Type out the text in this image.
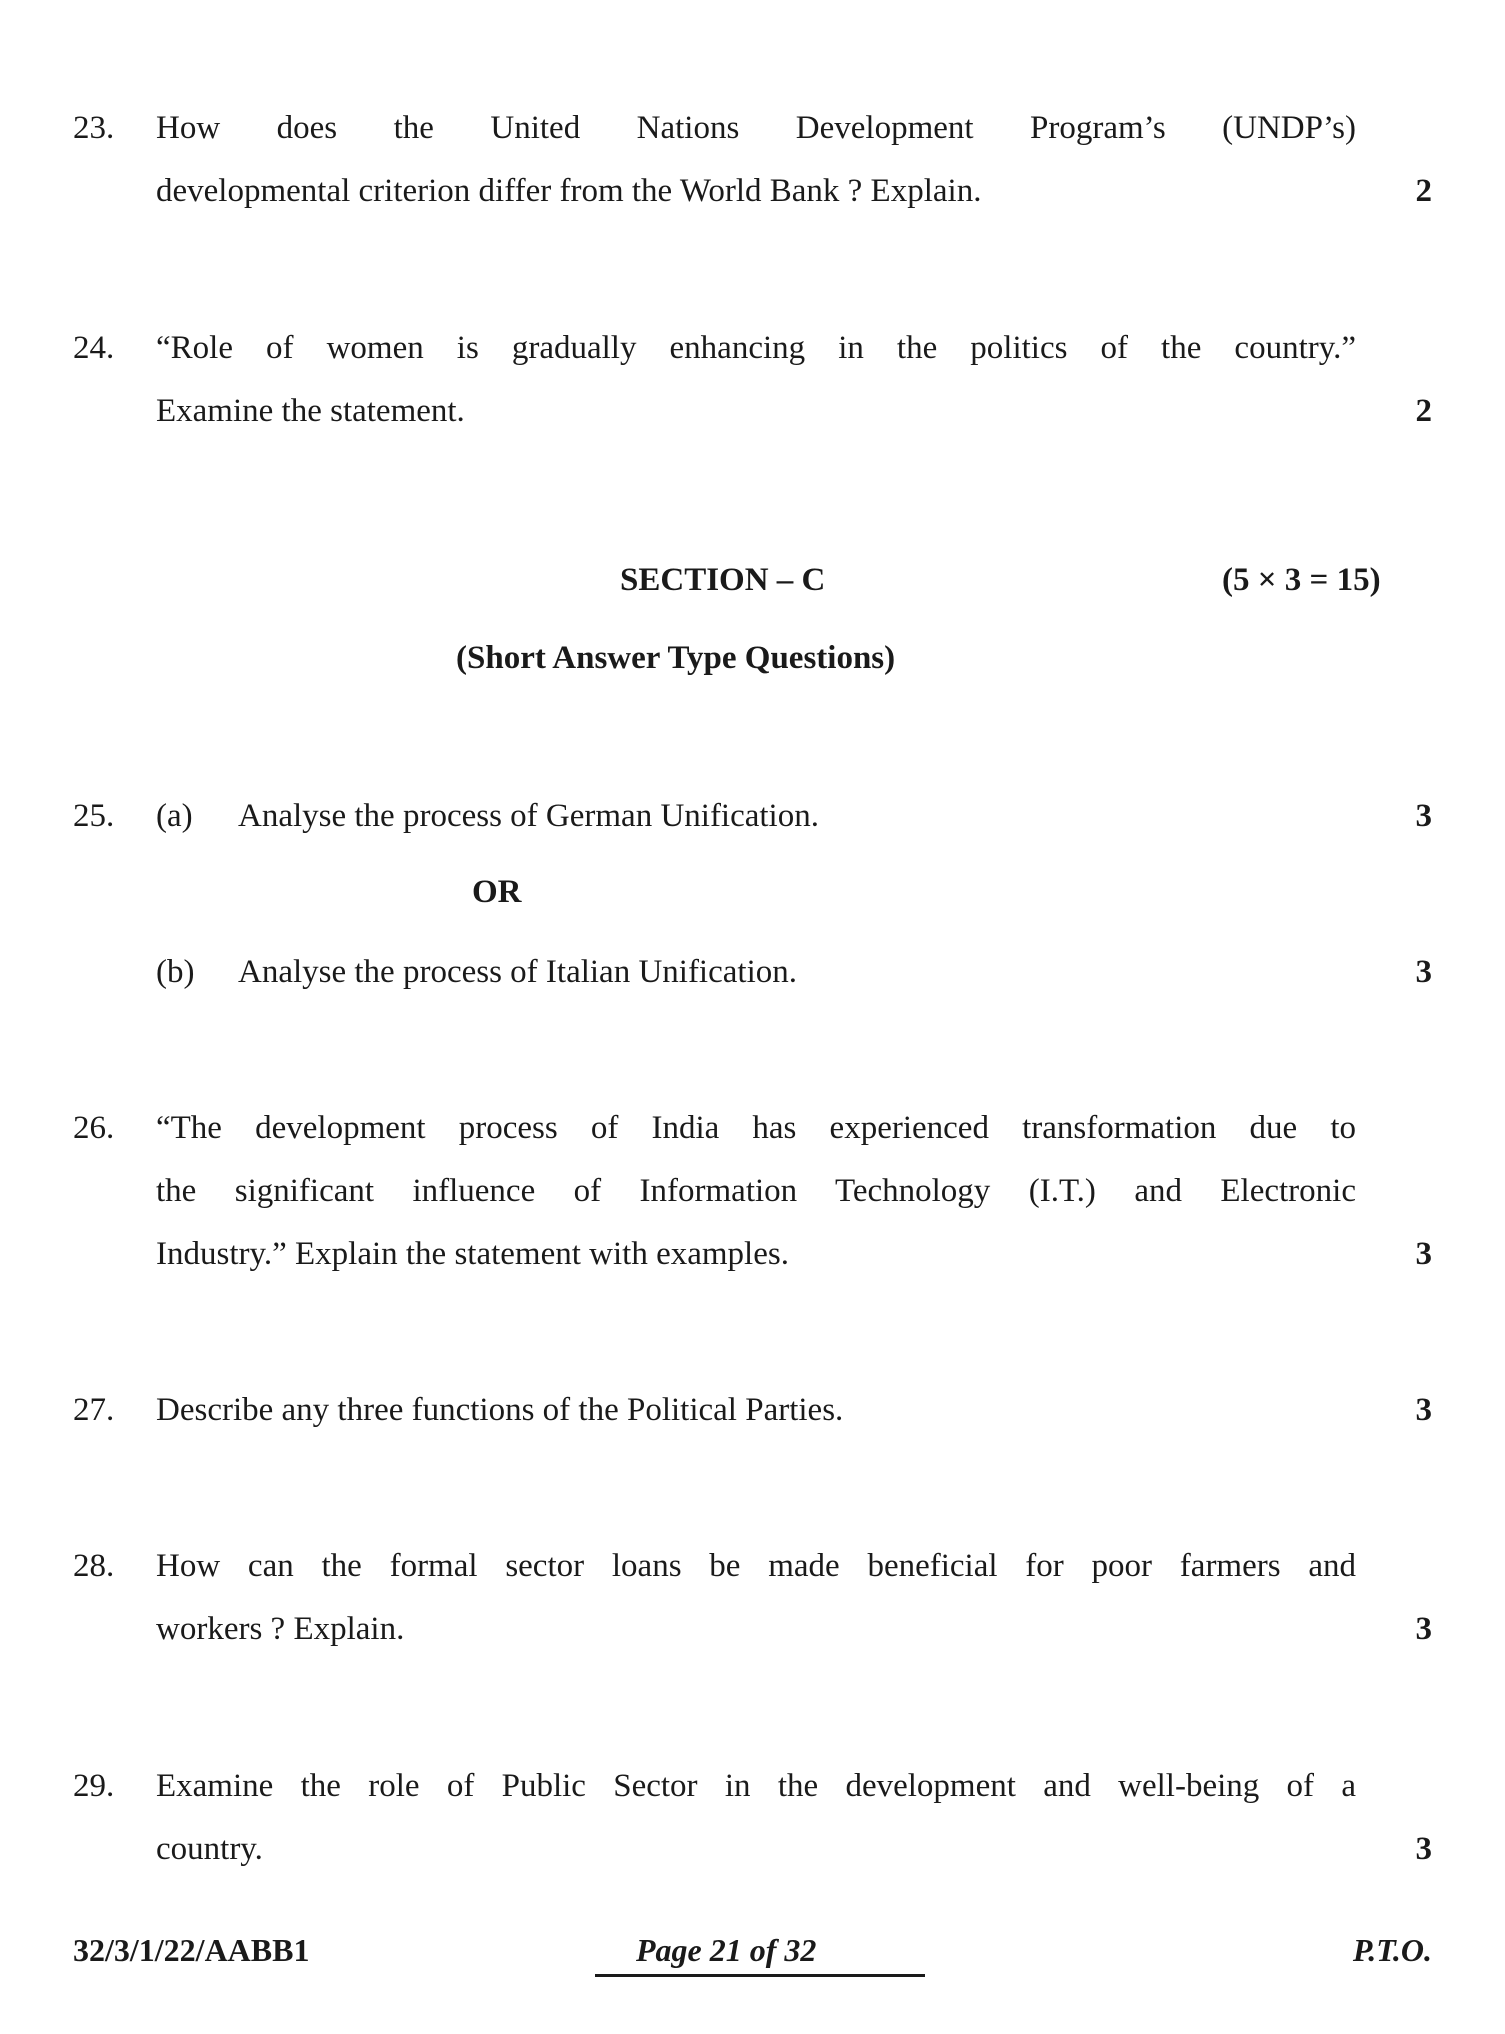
23. How does the United Nations Development Program’s (UNDP’s)
developmental criterion differ from the World Bank ? Explain.	2
24. “Role of women is gradually enhancing in the politics of the country.”
Examine the statement.	2
SECTION – C	(5 × 3 = 15)
(Short Answer Type Questions)
25. (a) Analyse the process of German Unification.	3
OR
(b) Analyse the process of Italian Unification.	3
26. “The development process of India has experienced transformation due to
the significant influence of Information Technology (I.T.) and Electronic
Industry.” Explain the statement with examples.	3
27. Describe any three functions of the Political Parties.	3
28. How can the formal sector loans be made beneficial for poor farmers and
workers ? Explain.	3
29. Examine the role of Public Sector in the development and well-being of a
country.	3
32/3/1/22/AABB1	Page 21 of 32	P.T.O.
